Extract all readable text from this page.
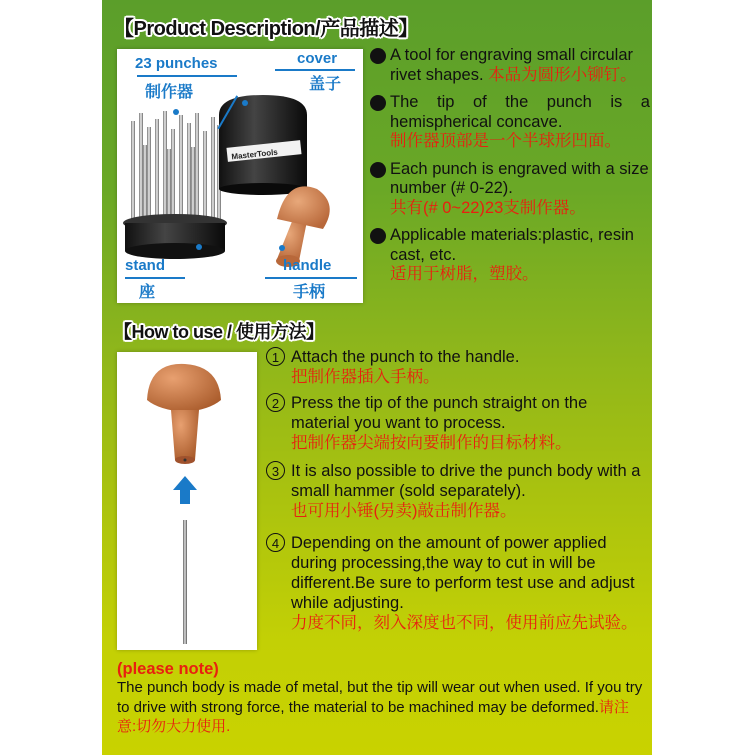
【Product Description/产品描述】
MasterTools
23 punches
制作器
cover
盖子
stand
座
handle
手柄
A tool for engraving small circular rivet shapes. 本品为圆形小铆钉。
The tip of the punch is a hemispherical concave.
制作器顶部是一个半球形凹面。
Each punch is engraved with a size number (# 0-22).
共有(# 0~22)23支制作器。
Applicable materials:plastic, resin cast, etc.
适用于树脂，塑胶。
【How to use / 使用方法】
1 Attach the punch to the handle.
把制作器插入手柄。
2 Press the tip of the punch straight on the material you want to process.
把制作器尖端按向要制作的目标材料。
3 It is also possible to drive the punch body with a small hammer (sold separately).
也可用小锤(另卖)敲击制作器。
4 Depending on the amount of power applied during processing,the way to cut in will be different.Be sure to perform test use and adjust while adjusting.
力度不同，刻入深度也不同，使用前应先试验。
(please note)
The punch body is made of metal, but the tip will wear out when used. If you try to drive with strong force, the material to be machined may be deformed.请注意:切勿大力使用.
